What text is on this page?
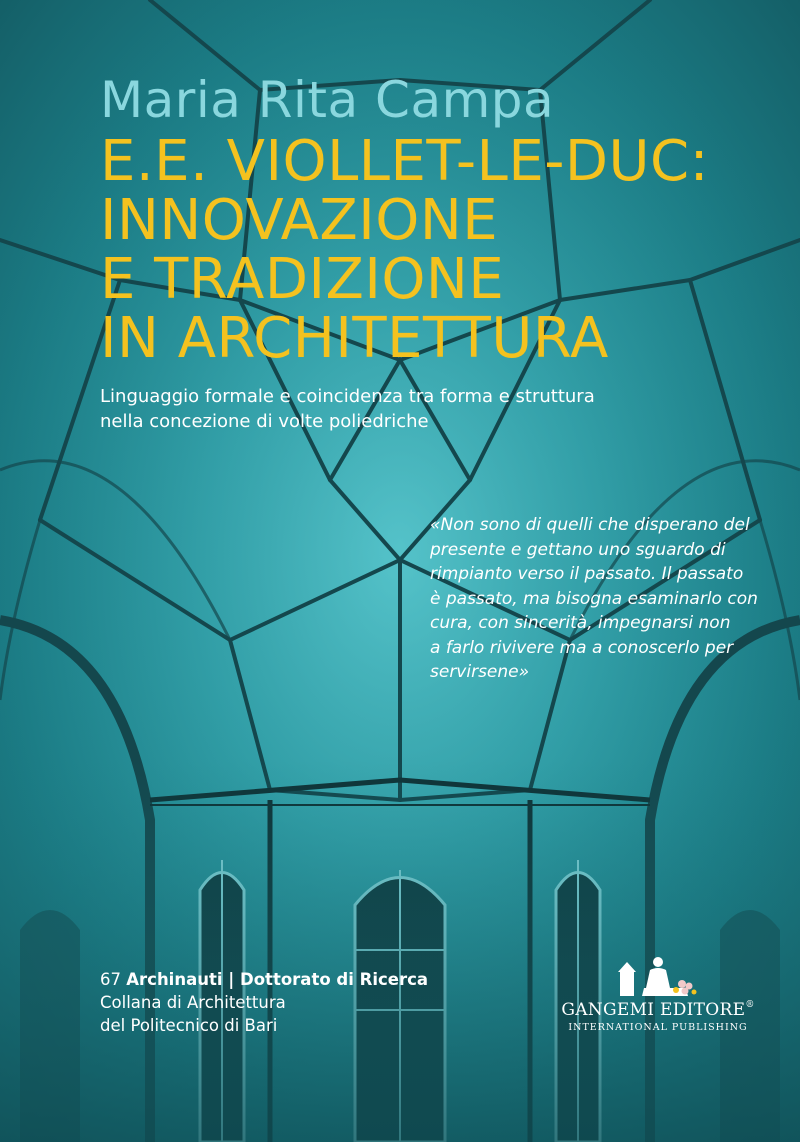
Maria Rita Campa
E.E. VIOLLET-LE-DUC:
INNOVAZIONE
E TRADIZIONE
IN ARCHITETTURA

Linguaggio formale e coincidenza tra forma e struttura
nella concezione di volte poliedriche

«Non sono di quelli che disperano del
presente e gettano uno sguardo di
rimpianto verso il passato. Il passato
è passato, ma bisogna esaminarlo con
cura, con sincerità, impegnarsi non
a farlo rivivere ma a conoscerlo per
servirsene»
67 Archinauti | Dottorato di Ricerca
Collana di Architettura
del Politecnico di Bari
GANGEMI EDITORE®
INTERNATIONAL PUBLISHING
